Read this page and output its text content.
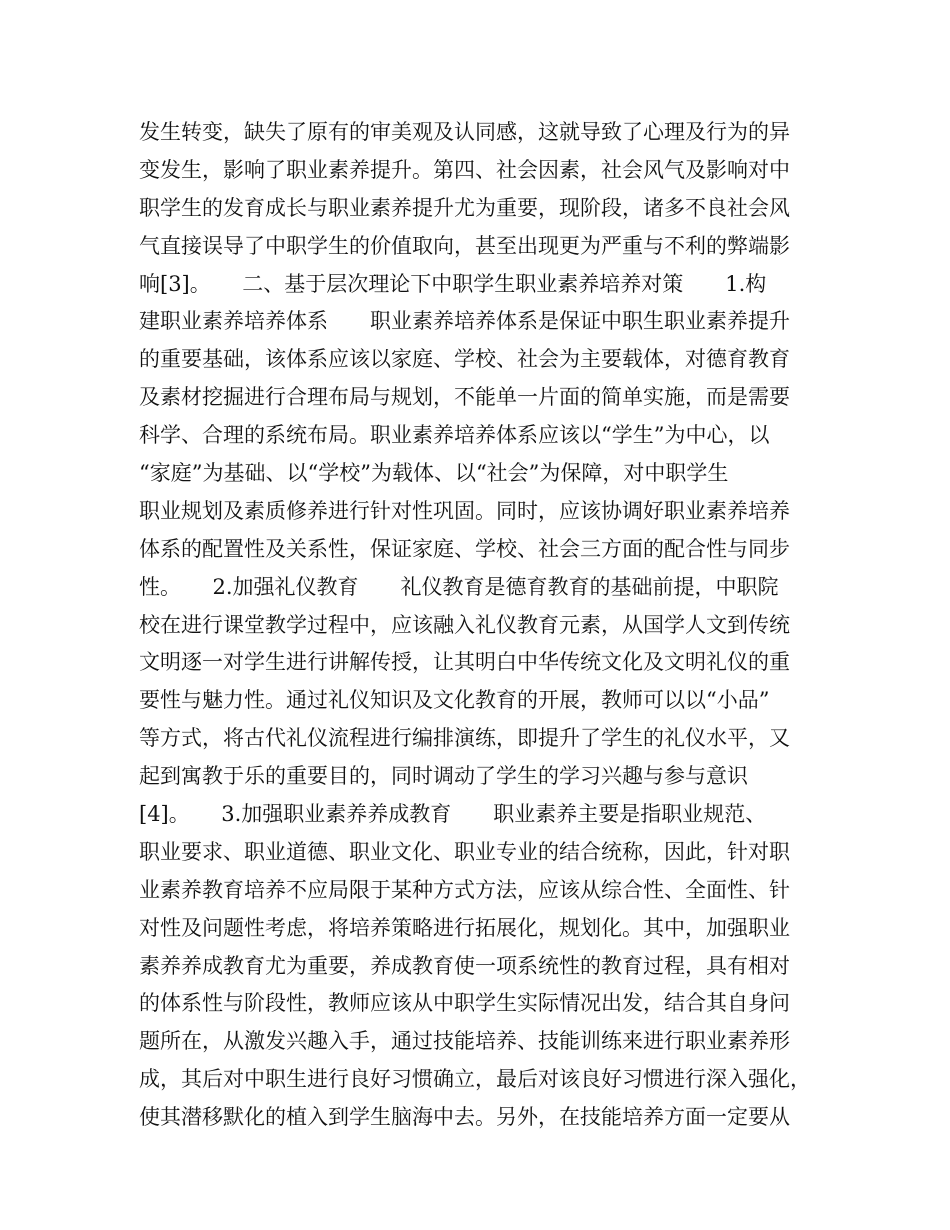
发生转变，缺失了原有的审美观及认同感，这就导致了心理及行为的异
变发生，影响了职业素养提升。第四、社会因素，社会风气及影响对中
职学生的发育成长与职业素养提升尤为重要，现阶段，诸多不良社会风
气直接误导了中职学生的价值取向，甚至出现更为严重与不利的弊端影
响[3]。　　二、基于层次理论下中职学生职业素养培养对策　　1.构
建职业素养培养体系　　职业素养培养体系是保证中职生职业素养提升
的重要基础，该体系应该以家庭、学校、社会为主要载体，对德育教育
及素材挖掘进行合理布局与规划，不能单一片面的简单实施，而是需要
科学、合理的系统布局。职业素养培养体系应该以“学生”为中心，以
“家庭”为基础、以“学校”为载体、以“社会”为保障，对中职学生
职业规划及素质修养进行针对性巩固。同时，应该协调好职业素养培养
体系的配置性及关系性，保证家庭、学校、社会三方面的配合性与同步
性。　　2.加强礼仪教育　　礼仪教育是德育教育的基础前提，中职院
校在进行课堂教学过程中，应该融入礼仪教育元素，从国学人文到传统
文明逐一对学生进行讲解传授，让其明白中华传统文化及文明礼仪的重
要性与魅力性。通过礼仪知识及文化教育的开展，教师可以以“小品”
等方式，将古代礼仪流程进行编排演练，即提升了学生的礼仪水平，又
起到寓教于乐的重要目的，同时调动了学生的学习兴趣与参与意识
[4]。　　3.加强职业素养养成教育　　职业素养主要是指职业规范、
职业要求、职业道德、职业文化、职业专业的结合统称，因此，针对职
业素养教育培养不应局限于某种方式方法，应该从综合性、全面性、针
对性及问题性考虑，将培养策略进行拓展化，规划化。其中，加强职业
素养养成教育尤为重要，养成教育使一项系统性的教育过程，具有相对
的体系性与阶段性，教师应该从中职学生实际情况出发，结合其自身问
题所在，从激发兴趣入手，通过技能培养、技能训练来进行职业素养形
成，其后对中职生进行良好习惯确立，最后对该良好习惯进行深入强化，
使其潜移默化的植入到学生脑海中去。另外，在技能培养方面一定要从
